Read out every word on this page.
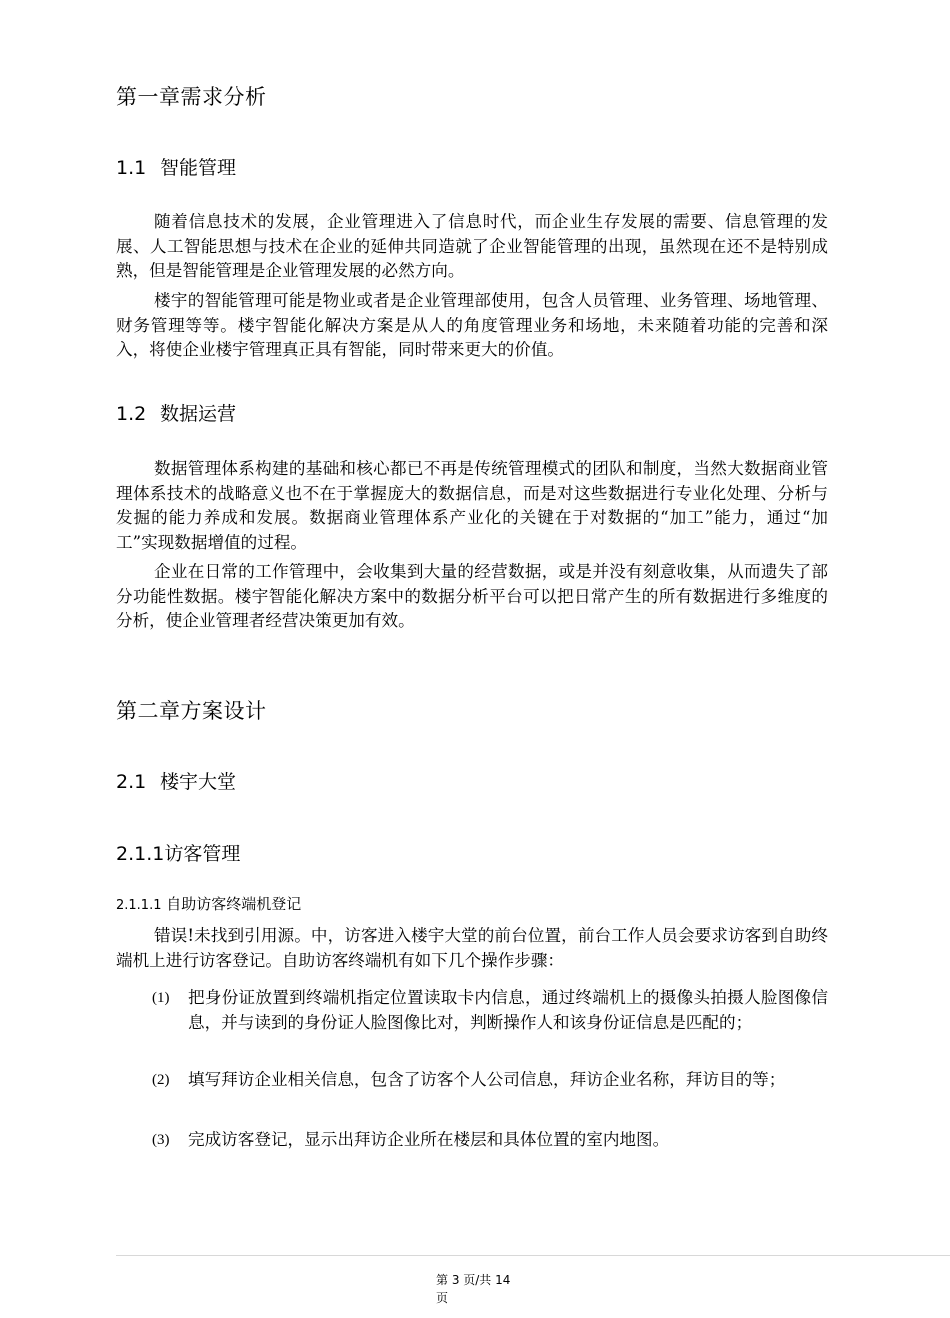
第一章需求分析
1.1 智能管理
随着信息技术的发展，企业管理进入了信息时代，而企业生存发展的需要、信息管理的发展、人工智能思想与技术在企业的延伸共同造就了企业智能管理的出现，虽然现在还不是特别成熟，但是智能管理是企业管理发展的必然方向。
楼宇的智能管理可能是物业或者是企业管理部使用，包含人员管理、业务管理、场地管理、财务管理等等。楼宇智能化解决方案是从人的角度管理业务和场地，未来随着功能的完善和深入，将使企业楼宇管理真正具有智能，同时带来更大的价值。
1.2 数据运营
数据管理体系构建的基础和核心都已不再是传统管理模式的团队和制度，当然大数据商业管理体系技术的战略意义也不在于掌握庞大的数据信息，而是对这些数据进行专业化处理、分析与发掘的能力养成和发展。数据商业管理体系产业化的关键在于对数据的“加工”能力，通过“加工”实现数据增值的过程。
企业在日常的工作管理中，会收集到大量的经营数据，或是并没有刻意收集，从而遗失了部分功能性数据。楼宇智能化解决方案中的数据分析平台可以把日常产生的所有数据进行多维度的分析，使企业管理者经营决策更加有效。
第二章方案设计
2.1 楼宇大堂
2.1.1访客管理
2.1.1.1 自助访客终端机登记
错误!未找到引用源。中，访客进入楼宇大堂的前台位置，前台工作人员会要求访客到自助终端机上进行访客登记。自助访客终端机有如下几个操作步骤：
(1)	把身份证放置到终端机指定位置读取卡内信息，通过终端机上的摄像头拍摄人脸图像信息，并与读到的身份证人脸图像比对，判断操作人和该身份证信息是匹配的；
(2)	填写拜访企业相关信息，包含了访客个人公司信息，拜访企业名称，拜访目的等；
(3)	完成访客登记，显示出拜访企业所在楼层和具体位置的室内地图。
第 3 页/共 14 页
